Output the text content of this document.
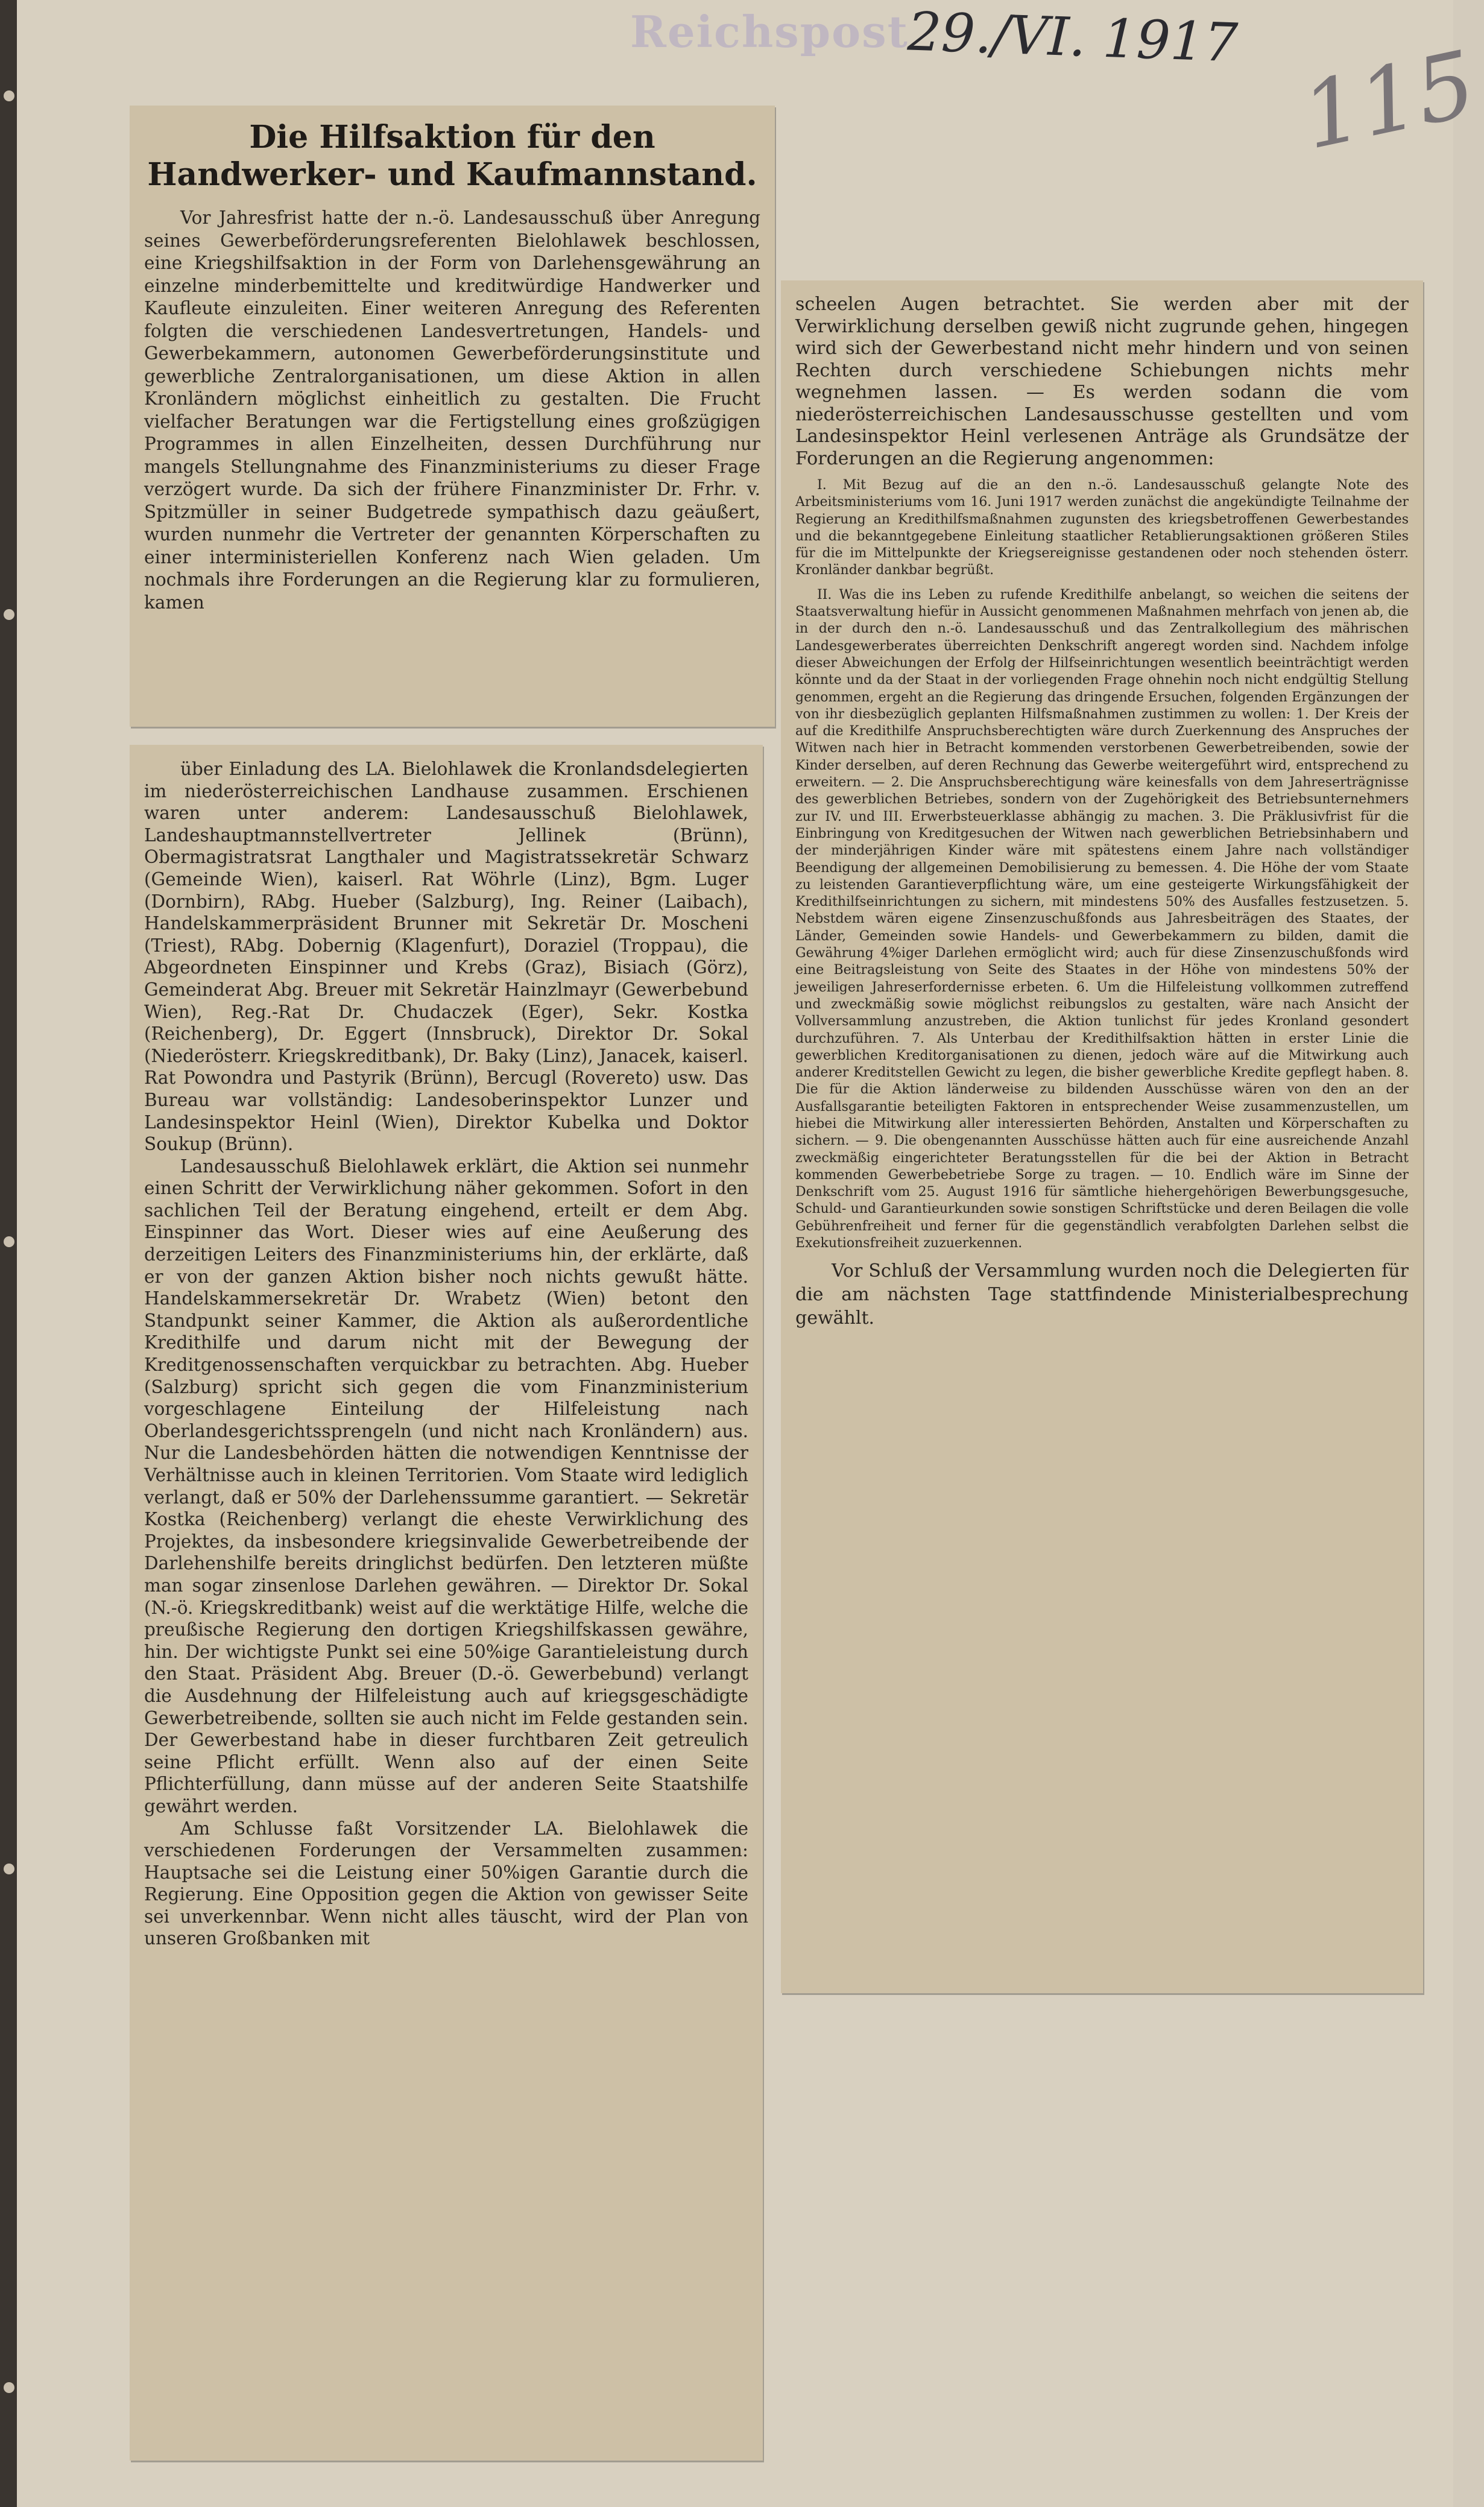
Reichspost
29./VI. 1917 115
Die Hilfsaktion für den Handwerker- und Kaufmannstand.

Vor Jahresfrist hatte der n.-ö. Landesausschuß über Anregung seines Gewerbeförderungsreferenten Bielohlawek beschlossen, eine Kriegshilfsaktion in der Form von Darlehensgewährung an einzelne minderbemittelte und kreditwürdige Handwerker und Kaufleute einzuleiten. Einer weiteren Anregung des Referenten folgten die verschiedenen Landesvertretungen, Handels- und Gewerbekammern, autonomen Gewerbeförderungsinstitute und gewerbliche Zentralorganisationen, um diese Aktion in allen Kronländern möglichst einheitlich zu gestalten. Die Frucht vielfacher Beratungen war die Fertigstellung eines großzügigen Programmes in allen Einzelheiten, dessen Durchführung nur mangels Stellungnahme des Finanzministeriums zu dieser Frage verzögert wurde. Da sich der frühere Finanzminister Dr. Frhr. v. Spitzmüller in seiner Budgetrede sympathisch dazu geäußert, wurden nunmehr die Vertreter der genannten Körperschaften zu einer interministeriellen Konferenz nach Wien geladen. Um nochmals ihre Forderungen an die Regierung klar zu formulieren, kamen

scheelen Augen betrachtet. Sie werden aber mit der Verwirklichung derselben gewiß nicht zugrunde gehen, hingegen wird sich der Gewerbestand nicht mehr hindern und von seinen Rechten durch verschiedene Schiebungen nichts mehr wegnehmen lassen. — Es werden sodann die vom niederösterreichischen Landesausschusse gestellten und vom Landesinspektor Heinl verlesenen Anträge als Grundsätze der Forderungen an die Regierung angenommen:

I. Mit Bezug auf die an den n.-ö. Landesausschuß gelangte Note des Arbeitsministeriums vom 16. Juni 1917 werden zunächst die angekündigte Teilnahme der Regierung an Kredithilfsmaßnahmen zugunsten des kriegsbetroffenen Gewerbestandes und die bekanntgegebene Einleitung staatlicher Retablierungsaktionen größeren Stiles für die im Mittelpunkte der Kriegsereignisse gestandenen oder noch stehenden österr. Kronländer dankbar begrüßt.

II. Was die ins Leben zu rufende Kredithilfe anbelangt, so weichen die seitens der Staatsverwaltung hiefür in Aussicht genommenen Maßnahmen mehrfach von jenen ab, die in der durch den n.-ö. Landesausschuß und das Zentralkollegium des mährischen Landesgewerberates überreichten Denkschrift angeregt worden sind. Nachdem infolge dieser Abweichungen der Erfolg der Hilfseinrichtungen wesentlich beeinträchtigt werden könnte und da der Staat in der vorliegenden Frage ohnehin noch nicht endgültig Stellung genommen, ergeht an die Regierung das dringende Ersuchen, folgenden Ergänzungen der von ihr diesbezüglich geplanten Hilfsmaßnahmen zustimmen zu wollen: 1. Der Kreis der auf die Kredithilfe Anspruchsberechtigten wäre durch Zuerkennung des Anspruches der Witwen nach hier in Betracht kommenden verstorbenen Gewerbetreibenden, sowie der Kinder derselben, auf deren Rechnung das Gewerbe weitergeführt wird, entsprechend zu erweitern. — 2. Die Anspruchsberechtigung wäre keinesfalls von dem Jahreserträgnisse des gewerblichen Betriebes, sondern von der Zugehörigkeit des Betriebsunternehmers zur IV. und III. Erwerbsteuerklasse abhängig zu machen. 3. Die Präklusivfrist für die Einbringung von Kreditgesuchen der Witwen nach gewerblichen Betriebsinhabern und der minderjährigen Kinder wäre mit spätestens einem Jahre nach vollständiger Beendigung der allgemeinen Demobilisierung zu bemessen. 4. Die Höhe der vom Staate zu leistenden Garantieverpflichtung wäre, um eine gesteigerte Wirkungsfähigkeit der Kredithilfseinrichtungen zu sichern, mit mindestens 50% des Ausfalles festzusetzen. 5. Nebstdem wären eigene Zinsenzuschußfonds aus Jahresbeiträgen des Staates, der Länder, Gemeinden sowie Handels- und Gewerbekammern zu bilden, damit die Gewährung 4%iger Darlehen ermöglicht wird; auch für diese Zinsenzuschußfonds wird eine Beitragsleistung von Seite des Staates in der Höhe von mindestens 50% der jeweiligen Jahreserfordernisse erbeten. 6. Um die Hilfeleistung vollkommen zutreffend und zweckmäßig sowie möglichst reibungslos zu gestalten, wäre nach Ansicht der Vollversammlung anzustreben, die Aktion tunlichst für jedes Kronland gesondert durchzuführen. 7. Als Unterbau der Kredithilfsaktion hätten in erster Linie die gewerblichen Kreditorganisationen zu dienen, jedoch wäre auf die Mitwirkung auch anderer Kreditstellen Gewicht zu legen, die bisher gewerbliche Kredite gepflegt haben. 8. Die für die Aktion länderweise zu bildenden Ausschüsse wären von den an der Ausfallsgarantie beteiligten Faktoren in entsprechender Weise zusammenzustellen, um hiebei die Mitwirkung aller interessierten Behörden, Anstalten und Körperschaften zu sichern. — 9. Die obengenannten Ausschüsse hätten auch für eine ausreichende Anzahl zweckmäßig eingerichteter Beratungsstellen für die bei der Aktion in Betracht kommenden Gewerbebetriebe Sorge zu tragen. — 10. Endlich wäre im Sinne der Denkschrift vom 25. August 1916 für sämtliche hiehergehörigen Bewerbungsgesuche, Schuld- und Garantieurkunden sowie sonstigen Schriftstücke und deren Beilagen die volle Gebührenfreiheit und ferner für die gegenständlich verabfolgten Darlehen selbst die Exekutionsfreiheit zuzuerkennen.

Vor Schluß der Versammlung wurden noch die Delegierten für die am nächsten Tage stattfindende Ministerialbesprechung gewählt.

über Einladung des LA. Bielohlawek die Kronlandsdelegierten im niederösterreichischen Landhause zusammen. Erschienen waren unter anderem: Landesausschuß Bielohlawek, Landeshauptmannstellvertreter Jellinek (Brünn), Obermagistratsrat Langthaler und Magistratssekretär Schwarz (Gemeinde Wien), kaiserl. Rat Wöhrle (Linz), Bgm. Luger (Dornbirn), RAbg. Hueber (Salzburg), Ing. Reiner (Laibach), Handelskammerpräsident Brunner mit Sekretär Dr. Moscheni (Triest), RAbg. Dobernig (Klagenfurt), Doraziel (Troppau), die Abgeordneten Einspinner und Krebs (Graz), Bisiach (Görz), Gemeinderat Abg. Breuer mit Sekretär Hainzlmayr (Gewerbebund Wien), Reg.-Rat Dr. Chudaczek (Eger), Sekr. Kostka (Reichenberg), Dr. Eggert (Innsbruck), Direktor Dr. Sokal (Niederösterr. Kriegskreditbank), Dr. Baky (Linz), Janacek, kaiserl. Rat Powondra und Pastyrik (Brünn), Bercugl (Rovereto) usw. Das Bureau war vollständig: Landesoberinspektor Lunzer und Landesinspektor Heinl (Wien), Direktor Kubelka und Doktor Soukup (Brünn).

Landesausschuß Bielohlawek erklärt, die Aktion sei nunmehr einen Schritt der Verwirklichung näher gekommen. Sofort in den sachlichen Teil der Beratung eingehend, erteilt er dem Abg. Einspinner das Wort. Dieser wies auf eine Aeußerung des derzeitigen Leiters des Finanzministeriums hin, der erklärte, daß er von der ganzen Aktion bisher noch nichts gewußt hätte. Handelskammersekretär Dr. Wrabetz (Wien) betont den Standpunkt seiner Kammer, die Aktion als außerordentliche Kredithilfe und darum nicht mit der Bewegung der Kreditgenossenschaften verquickbar zu betrachten. Abg. Hueber (Salzburg) spricht sich gegen die vom Finanzministerium vorgeschlagene Einteilung der Hilfeleistung nach Oberlandesgerichtssprengeln (und nicht nach Kronländern) aus. Nur die Landesbehörden hätten die notwendigen Kenntnisse der Verhältnisse auch in kleinen Territorien. Vom Staate wird lediglich verlangt, daß er 50% der Darlehenssumme garantiert. — Sekretär Kostka (Reichenberg) verlangt die eheste Verwirklichung des Projektes, da insbesondere kriegsinvalide Gewerbetreibende der Darlehenshilfe bereits dringlichst bedürfen. Den letzteren müßte man sogar zinsenlose Darlehen gewähren. — Direktor Dr. Sokal (N.-ö. Kriegskreditbank) weist auf die werktätige Hilfe, welche die preußische Regierung den dortigen Kriegshilfskassen gewähre, hin. Der wichtigste Punkt sei eine 50%ige Garantieleistung durch den Staat. Präsident Abg. Breuer (D.-ö. Gewerbebund) verlangt die Ausdehnung der Hilfeleistung auch auf kriegsgeschädigte Gewerbetreibende, sollten sie auch nicht im Felde gestanden sein. Der Gewerbestand habe in dieser furchtbaren Zeit getreulich seine Pflicht erfüllt. Wenn also auf der einen Seite Pflichterfüllung, dann müsse auf der anderen Seite Staatshilfe gewährt werden.

Am Schlusse faßt Vorsitzender LA. Bielohlawek die verschiedenen Forderungen der Versammelten zusammen: Hauptsache sei die Leistung einer 50%igen Garantie durch die Regierung. Eine Opposition gegen die Aktion von gewisser Seite sei unverkennbar. Wenn nicht alles täuscht, wird der Plan von unseren Großbanken mit
